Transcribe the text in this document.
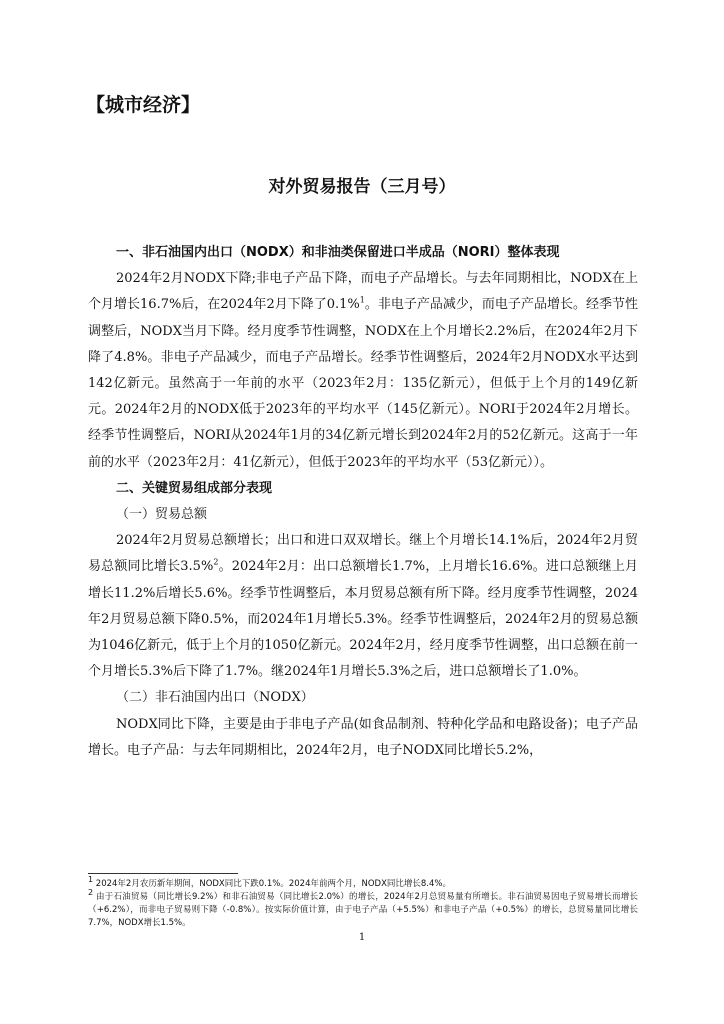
【城市经济】
对外贸易报告（三月号）
一、非石油国内出口（NODX）和非油类保留进口半成品（NORI）整体表现
2024年2月NODX下降;非电子产品下降，而电子产品增长。与去年同期相比，NODX在上个月增长16.7%后，在2024年2月下降了0.1%$^1$。非电子产品减少，而电子产品增长。经季节性调整后，NODX当月下降。经月度季节性调整，NODX在上个月增长2.2%后，在2024年2月下降了4.8%。非电子产品减少，而电子产品增长。经季节性调整后，2024年2月NODX水平达到142亿新元。虽然高于一年前的水平（2023年2月：135亿新元），但低于上个月的149亿新元。2024年2月的NODX低于2023年的平均水平（145亿新元）。NORI于2024年2月增长。经季节性调整后，NORI从2024年1月的34亿新元增长到2024年2月的52亿新元。这高于一年前的水平（2023年2月：41亿新元），但低于2023年的平均水平（53亿新元））。
二、关键贸易组成部分表现
（一）贸易总额
2024年2月贸易总额增长；出口和进口双双增长。继上个月增长14.1%后，2024年2月贸易总额同比增长3.5%$^2$。2024年2月：出口总额增长1.7%，上月增长16.6%。进口总额继上月增长11.2%后增长5.6%。经季节性调整后，本月贸易总额有所下降。经月度季节性调整，2024年2月贸易总额下降0.5%，而2024年1月增长5.3%。经季节性调整后，2024年2月的贸易总额为1046亿新元，低于上个月的1050亿新元。2024年2月，经月度季节性调整，出口总额在前一个月增长5.3%后下降了1.7%。继2024年1月增长5.3%之后，进口总额增长了1.0%。
（二）非石油国内出口（NODX）
NODX同比下降，主要是由于非电子产品(如食品制剂、特种化学品和电路设备)；电子产品增长。电子产品：与去年同期相比，2024年2月，电子NODX同比增长5.2%，
$^1$ 2024年2月农历新年期间，NODX同比下跌0.1%。2024年前两个月，NODX同比增长8.4%。
$^2$ 由于石油贸易（同比增长9.2%）和非石油贸易（同比增长2.0%）的增长，2024年2月总贸易量有所增长。非石油贸易因电子贸易增长而增长（+6.2%），而非电子贸易则下降（-0.8%）。按实际价值计算，由于电子产品（+5.5%）和非电子产品（+0.5%）的增长，总贸易量同比增长7.7%，NODX增长1.5%。
1
